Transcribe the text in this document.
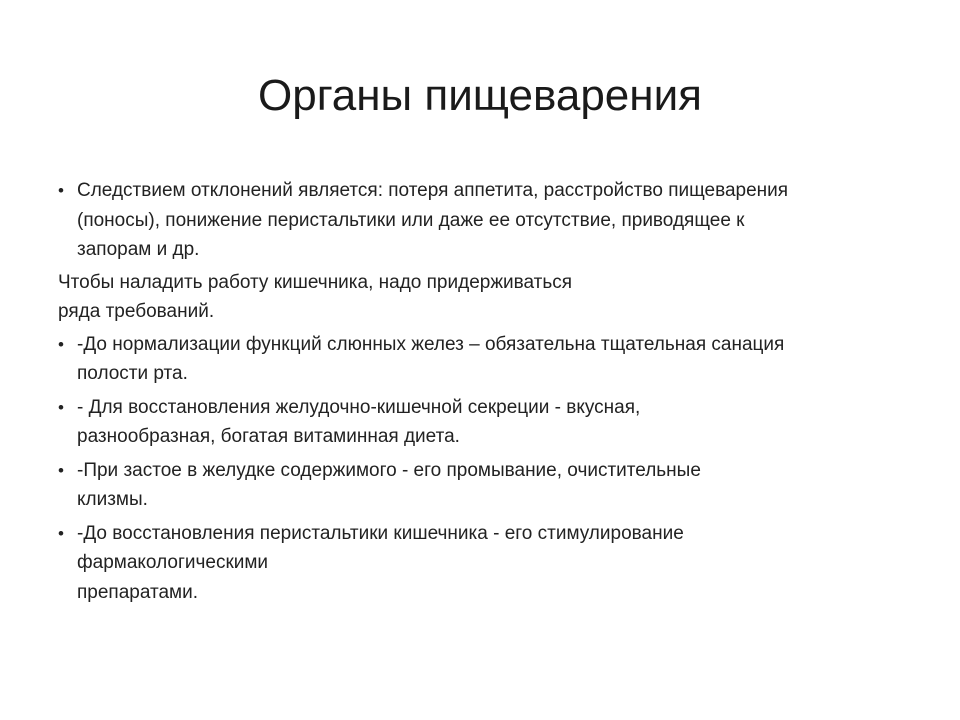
Органы пищеварения
• Следствием отклонений является: потеря аппетита, расстройство пищеварения
(поносы), понижение перистальтики или даже ее отсутствие, приводящее к
запорам и др.
Чтобы наладить работу кишечника, надо придерживаться
ряда требований.
• -До нормализации функций слюнных желез – обязательна тщательная санация
полости рта.
• - Для восстановления желудочно-кишечной секреции - вкусная,
разнообразная, богатая витаминная диета.
• -При застое в желудке содержимого - его промывание, очистительные
клизмы.
• -До восстановления перистальтики кишечника - его стимулирование
фармакологическими
препаратами.
